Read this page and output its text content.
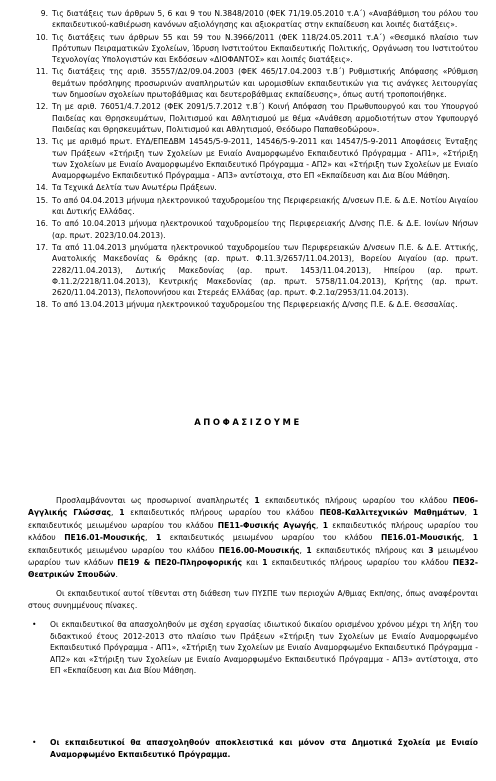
9. Τις διατάξεις των άρθρων 5, 6 και 9 του Ν.3848/2010 (ΦΕΚ 71/19.05.2010 τ.Α΄) «Αναβάθμιση του ρόλου του εκπαιδευτικού-καθιέρωση κανόνων αξιολόγησης και αξιοκρατίας στην εκπαίδευση και λοιπές διατάξεις».
10. Τις διατάξεις των άρθρων 55 και 59 του Ν.3966/2011 (ΦΕΚ 118/24.05.2011 τ.Α΄) «Θεσμικό πλαίσιο των Πρότυπων Πειραματικών Σχολείων, Ίδρυση Ινστιτούτου Εκπαιδευτικής Πολιτικής, Οργάνωση του Ινστιτούτου Τεχνολογίας Υπολογιστών και Εκδόσεων «ΔΙΟΦΑΝΤΟΣ» και λοιπές διατάξεις».
11. Τις διατάξεις της αριθ. 35557/Δ2/09.04.2003 (ΦΕΚ 465/17.04.2003 τ.Β΄) Ρυθμιστικής Απόφασης «Ρύθμιση θεμάτων πρόσληψης προσωρινών αναπληρωτών και ωρομισθίων εκπαιδευτικών για τις ανάγκες λειτουργίας των δημοσίων σχολείων πρωτοβάθμιας και δευτεροβάθμιας εκπαίδευσης», όπως αυτή τροποποιήθηκε.
12. Τη με αριθ. 76051/4.7.2012 (ΦΕΚ 2091/5.7.2012 τ.Β΄) Κοινή Απόφαση του Πρωθυπουργού και του Υπουργού Παιδείας και Θρησκευμάτων, Πολιτισμού και Αθλητισμού με θέμα «Ανάθεση αρμοδιοτήτων στον Υφυπουργό Παιδείας και Θρησκευμάτων, Πολιτισμού και Αθλητισμού, Θεόδωρο Παπαθεοδώρου».
13. Τις με αριθμό πρωτ. ΕΥΔ/ΕΠΕΔΒΜ 14545/5-9-2011, 14546/5-9-2011 και 14547/5-9-2011 Αποφάσεις Ένταξης των Πράξεων «Στήριξη των Σχολείων με Ενιαίο Αναμορφωμένο Εκπαιδευτικό Πρόγραμμα - ΑΠ1», «Στήριξη των Σχολείων με Ενιαίο Αναμορφωμένο Εκπαιδευτικό Πρόγραμμα - ΑΠ2» και «Στήριξη των Σχολείων με Ενιαίο Αναμορφωμένο Εκπαιδευτικό Πρόγραμμα - ΑΠ3» αντίστοιχα, στο ΕΠ «Εκπαίδευση και Δια Βίου Μάθηση.
14. Τα Τεχνικά Δελτία των Ανωτέρω Πράξεων.
15. Το από 04.04.2013 μήνυμα ηλεκτρονικού ταχυδρομείου της Περιφερειακής Δ/νσεων Π.Ε. & Δ.Ε. Νοτίου Αιγαίου και Δυτικής Ελλάδας.
16. Το από 10.04.2013 μήνυμα ηλεκτρονικού ταχυδρομείου της Περιφερειακής Δ/νσης Π.Ε. & Δ.Ε. Ιονίων Νήσων (αρ. πρωτ. 2023/10.04.2013).
17. Τα από 11.04.2013 μηνύματα ηλεκτρονικού ταχυδρομείου των Περιφερειακών Δ/νσεων Π.Ε. & Δ.Ε. Αττικής, Ανατολικής Μακεδονίας & Θράκης (αρ. πρωτ. Φ.11.3/2657/11.04.2013), Βορείου Αιγαίου (αρ. πρωτ. 2282/11.04.2013), Δυτικής Μακεδονίας (αρ. πρωτ. 1453/11.04.2013), Ηπείρου (αρ. πρωτ. Φ.11.2/2218/11.04.2013), Κεντρικής Μακεδονίας (αρ. πρωτ. 5758/11.04.2013), Κρήτης (αρ. πρωτ. 2620/11.04.2013), Πελοποννήσου και Στερεάς Ελλάδας (αρ. πρωτ. Φ.2.1α/2953/11.04.2013).
18. Το από 13.04.2013 μήνυμα ηλεκτρονικού ταχυδρομείου της Περιφερειακής Δ/νσης Π.Ε. & Δ.Ε. Θεσσαλίας.
ΑΠΟΦΑΣΙΖΟΥΜΕ
Προσλαμβάνονται ως προσωρινοί αναπληρωτές 1 εκπαιδευτικός πλήρους ωραρίου του κλάδου ΠΕ06-Αγγλικής Γλώσσας, 1 εκπαιδευτικός πλήρους ωραρίου του κλάδου ΠΕ08-Καλλιτεχνικών Μαθημάτων, 1 εκπαιδευτικός μειωμένου ωραρίου του κλάδου ΠΕ11-Φυσικής Αγωγής, 1 εκπαιδευτικός πλήρους ωραρίου του κλάδου ΠΕ16.01-Μουσικής, 1 εκπαιδευτικός μειωμένου ωραρίου του κλάδου ΠΕ16.01-Μουσικής, 1 εκπαιδευτικός μειωμένου ωραρίου του κλάδου ΠΕ16.00-Μουσικής, 1 εκπαιδευτικός πλήρους και 3 μειωμένου ωραρίου των κλάδων ΠΕ19 & ΠΕ20-Πληροφορικής και 1 εκπαιδευτικός πλήρους ωραρίου του κλάδου ΠΕ32-Θεατρικών Σπουδών.
Οι εκπαιδευτικοί αυτοί τίθενται στη διάθεση των ΠΥΣΠΕ των περιοχών Α/θμιας Εκπ/σης, όπως αναφέρονται στους συνημμένους πίνακες.
• Οι εκπαιδευτικοί θα απασχοληθούν με σχέση εργασίας ιδιωτικού δικαίου ορισμένου χρόνου μέχρι τη λήξη του διδακτικού έτους 2012-2013 στο πλαίσιο των Πράξεων «Στήριξη των Σχολείων με Ενιαίο Αναμορφωμένο Εκπαιδευτικό Πρόγραμμα - ΑΠ1», «Στήριξη των Σχολείων με Ενιαίο Αναμορφωμένο Εκπαιδευτικό Πρόγραμμα - ΑΠ2» και «Στήριξη των Σχολείων με Ενιαίο Αναμορφωμένο Εκπαιδευτικό Πρόγραμμα - ΑΠ3» αντίστοιχα, στο ΕΠ «Εκπαίδευση και Δια Βίου Μάθηση.
• Οι εκπαιδευτικοί θα απασχοληθούν αποκλειστικά και μόνον στα Δημοτικά Σχολεία με Ενιαίο Αναμορφωμένο Εκπαιδευτικό Πρόγραμμα.
